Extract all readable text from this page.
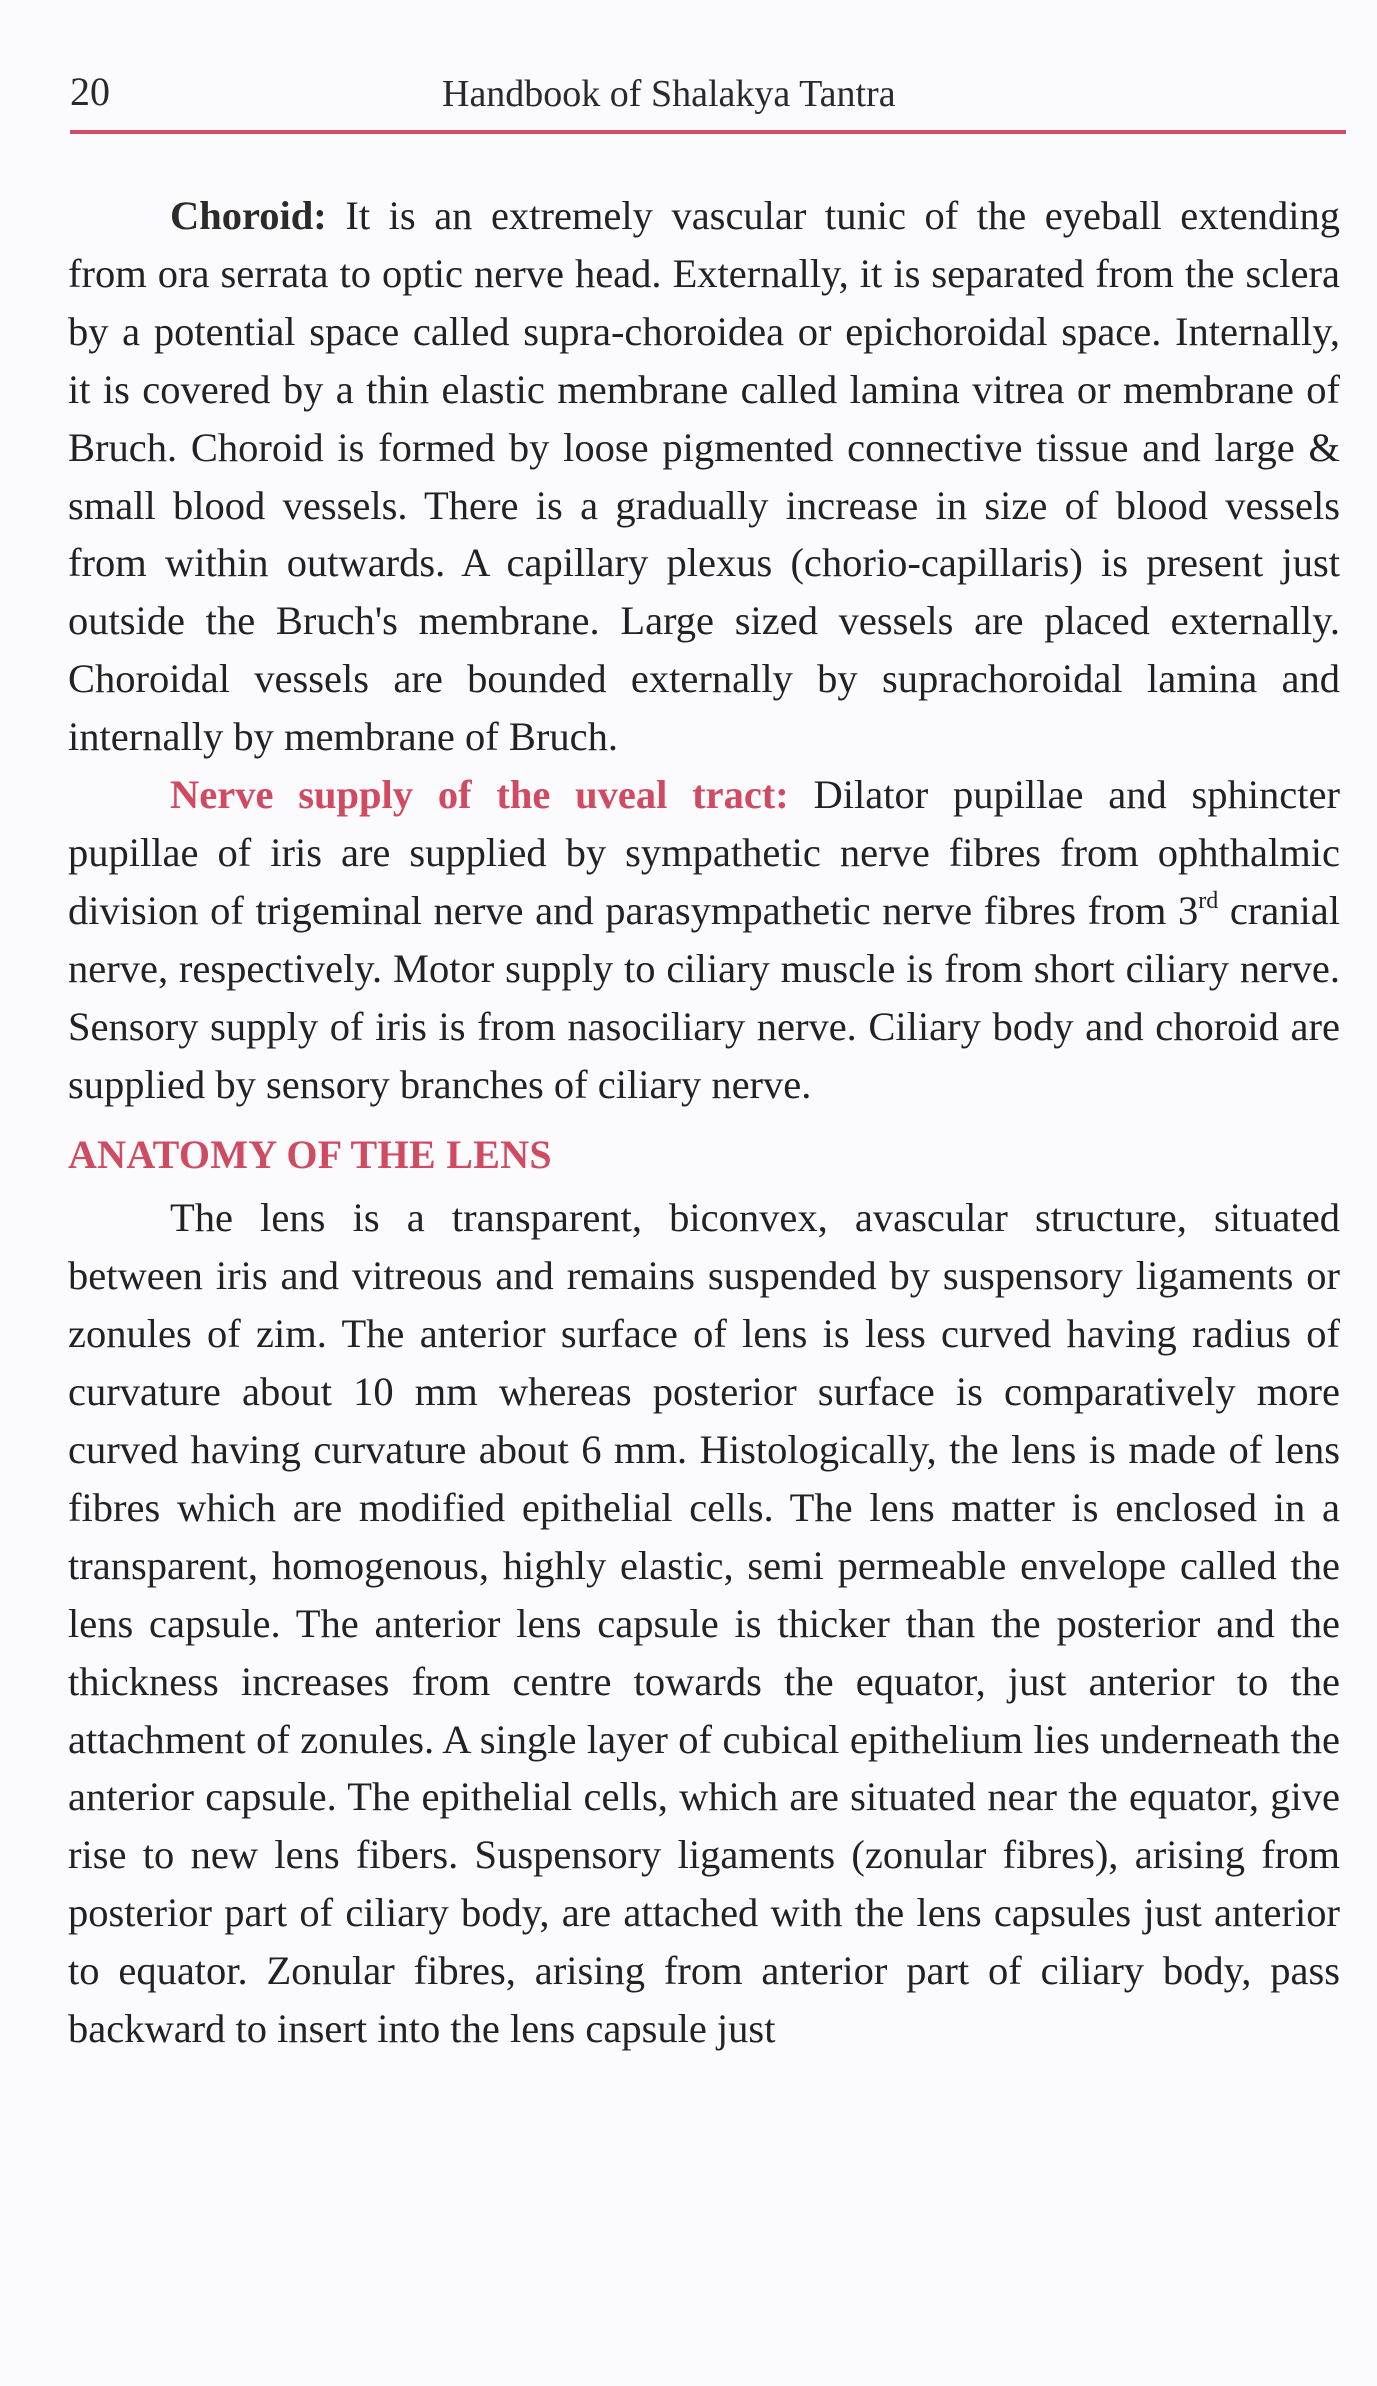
20	Handbook of Shalakya Tantra

Choroid: It is an extremely vascular tunic of the eyeball extending from ora serrata to optic nerve head. Externally, it is separated from the sclera by a potential space called supra-choroidea or epichoroidal space. Internally, it is covered by a thin elastic membrane called lamina vitrea or membrane of Bruch. Choroid is formed by loose pigmented connective tissue and large & small blood vessels. There is a gradually increase in size of blood vessels from within outwards. A capillary plexus (chorio-capillaris) is present just outside the Bruch's membrane. Large sized vessels are placed externally. Choroidal vessels are bounded externally by suprachoroidal lamina and internally by membrane of Bruch.

Nerve supply of the uveal tract: Dilator pupillae and sphincter pupillae of iris are supplied by sympathetic nerve fibres from ophthalmic division of trigeminal nerve and parasympathetic nerve fibres from 3rd cranial nerve, respectively. Motor supply to ciliary muscle is from short ciliary nerve. Sensory supply of iris is from nasociliary nerve. Ciliary body and choroid are supplied by sensory branches of ciliary nerve.

ANATOMY OF THE LENS

The lens is a transparent, biconvex, avascular structure, situated between iris and vitreous and remains suspended by suspensory ligaments or zonules of zim. The anterior surface of lens is less curved having radius of curvature about 10 mm whereas posterior surface is comparatively more curved having curvature about 6 mm. Histologically, the lens is made of lens fibres which are modified epithelial cells. The lens matter is enclosed in a transparent, homogenous, highly elastic, semi permeable envelope called the lens capsule. The anterior lens capsule is thicker than the posterior and the thickness increases from centre towards the equator, just anterior to the attachment of zonules. A single layer of cubical epithelium lies underneath the anterior capsule. The epithelial cells, which are situated near the equator, give rise to new lens fibers. Suspensory ligaments (zonular fibres), arising from posterior part of ciliary body, are attached with the lens capsules just anterior to equator. Zonular fibres, arising from anterior part of ciliary body, pass backward to insert into the lens capsule just
